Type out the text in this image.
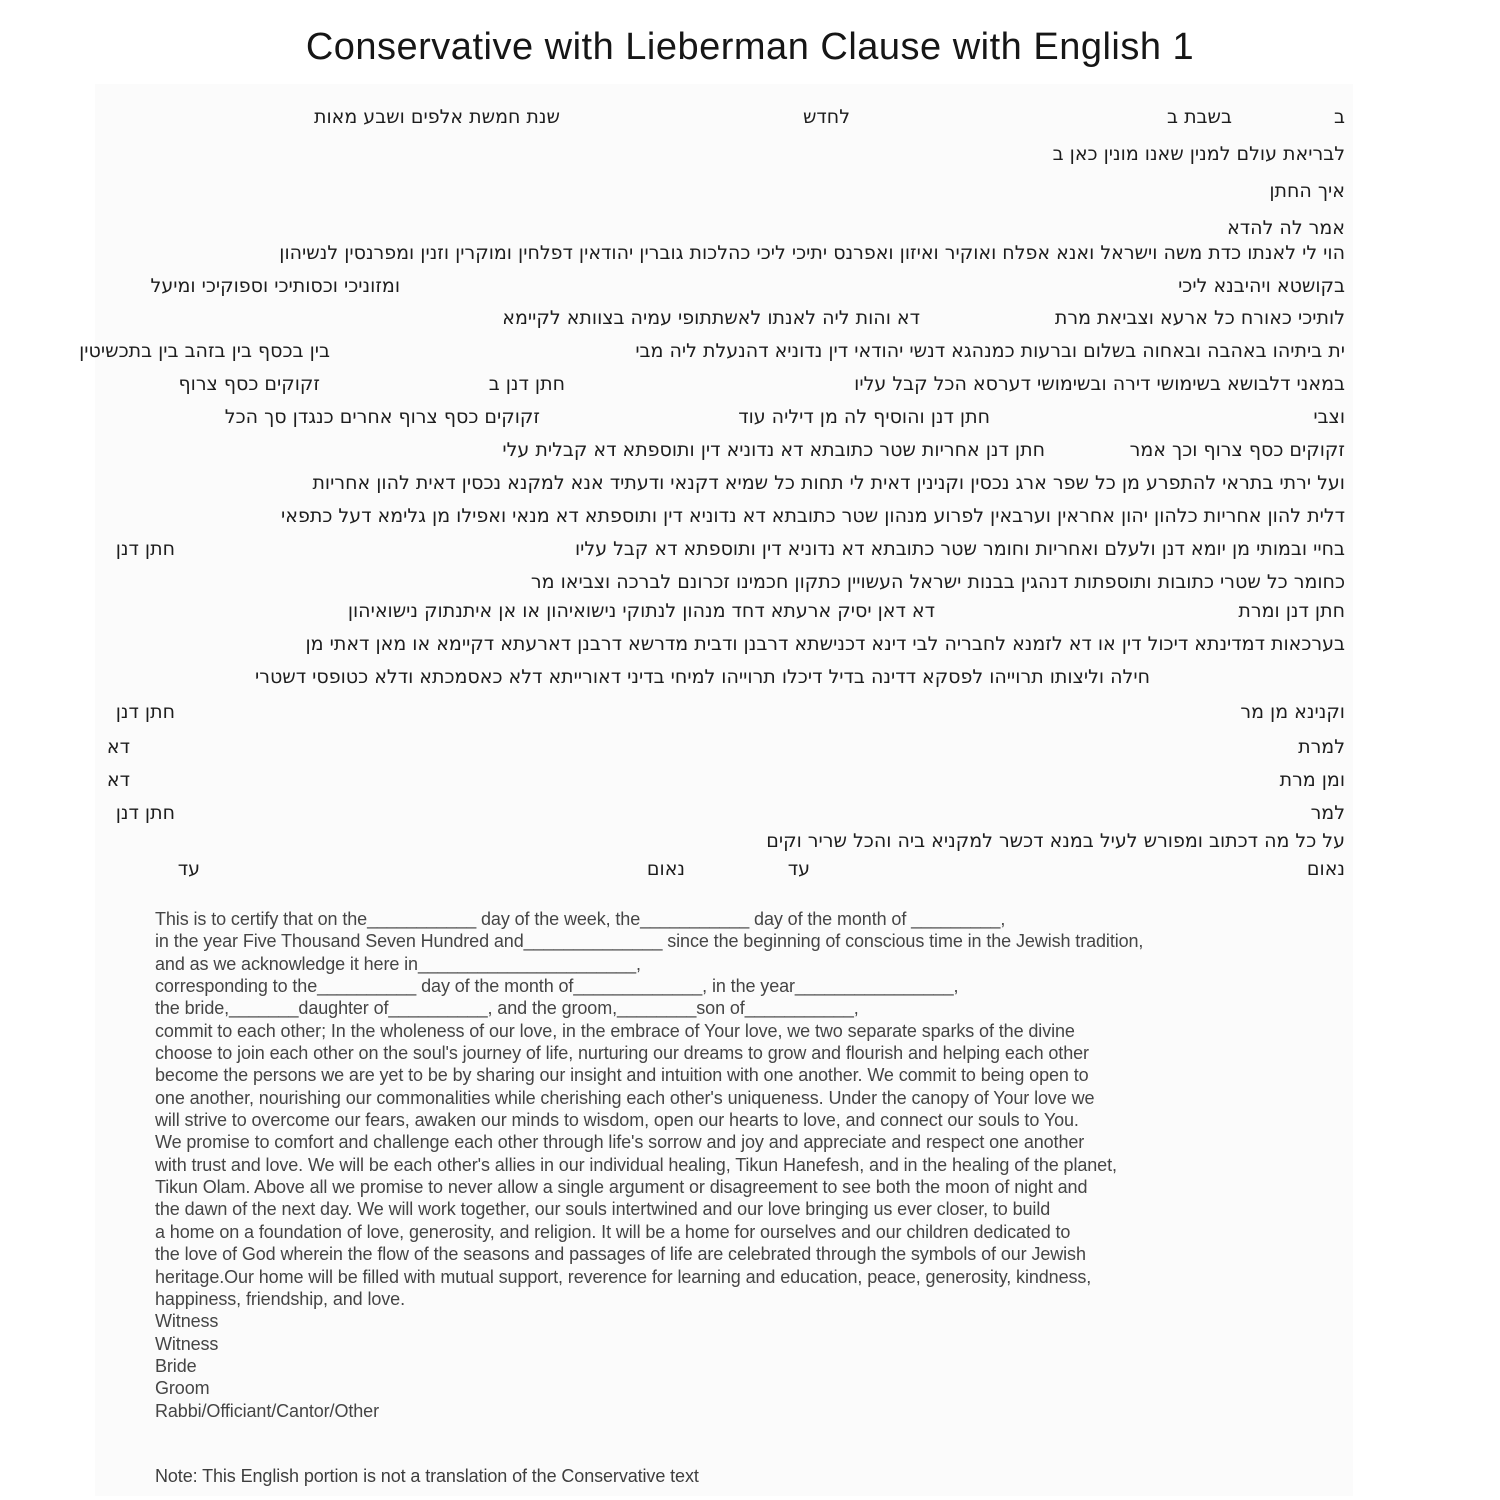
Conservative with Lieberman Clause with English 1
ב
בשבת ב
לחדש
שנת חמשת אלפים ושבע מאות
לבריאת עולם למנין שאנו מונין כאן ב
איך החתן
אמר לה להדא
הוי לי לאנתו כדת משה וישראל ואנא אפלח ואוקיר ואיזון ואפרנס יתיכי ליכי כהלכות גוברין יהודאין דפלחין ומוקרין וזנין ומפרנסין לנשיהון
בקושטא ויהיבנא ליכי
ומזוניכי וכסותיכי וספוקיכי ומיעל
לותיכי כאורח כל ארעא וצביאת מרת
דא והות ליה לאנתו לאשתתופי עמיה בצוותא לקיימא
ית ביתיהו באהבה ובאחוה בשלום וברעות כמנהגא דנשי יהודאי דין נדוניא דהנעלת ליה מבי
בין בכסף בין בזהב בין בתכשיטין
במאני דלבושא בשימושי דירה ובשימושי דערסא הכל קבל עליו
חתן דנן ב
זקוקים כסף צרוף
וצבי
חתן דנן והוסיף לה מן דיליה עוד
זקוקים כסף צרוף אחרים כנגדן סך הכל
זקוקים כסף צרוף וכך אמר
חתן דנן אחריות שטר כתובתא דא נדוניא דין ותוספתא דא קבלית עלי
ועל ירתי בתראי להתפרע מן כל שפר ארג נכסין וקנינין דאית לי תחות כל שמיא דקנאי ודעתיד אנא למקנא נכסין דאית להון אחריות
דלית להון אחריות כלהון יהון אחראין וערבאין לפרוע מנהון שטר כתובתא דא נדוניא דין ותוספתא דא מנאי ואפילו מן גלימא דעל כתפאי
בחיי ובמותי מן יומא דנן ולעלם ואחריות וחומר שטר כתובתא דא נדוניא דין ותוספתא דא קבל עליו
חתן דנן
כחומר כל שטרי כתובות ותוספתות דנהגין בבנות ישראל העשויין כתקון חכמינו זכרונם לברכה וצביאו מר
חתן דנן ומרת
דא דאן יסיק ארעתא דחד מנהון לנתוקי נישואיהון או אן איתנתוק נישואיהון
בערכאות דמדינתא דיכול דין או דא לזמנא לחבריה לבי דינא דכנישתא דרבנן ודבית מדרשא דרבנן דארעתא דקיימא או מאן דאתי מן
חילה וליצותו תרוייהו לפסקא דדינה בדיל דיכלו תרוייהו למיחי בדיני דאורייתא דלא כאסמכתא ודלא כטופסי דשטרי
וקנינא מן מר
חתן דנן
למרת
דא
ומן מרת
דא
למר
חתן דנן
על כל מה דכתוב ומפורש לעיל במנא דכשר למקניא ביה והכל שריר וקים
נאום
עד
נאום
עד
This is to certify that on the___________ day of the week, the___________ day of the month of _________,
in the year Five Thousand Seven Hundred and______________ since the beginning of conscious time in the Jewish tradition,
and as we acknowledge it here in______________________,
corresponding to the__________ day of the month of_____________, in the year________________,
the bride,_______daughter of__________, and the groom,________son of___________,
commit to each other; In the wholeness of our love, in the embrace of Your love, we two separate sparks of the divine
choose to join each other on the soul's journey of life, nurturing our dreams to grow and flourish and helping each other
become the persons we are yet to be by sharing our insight and intuition with one another. We commit to being open to
one another, nourishing our commonalities while cherishing each other's uniqueness. Under the canopy of Your love we
will strive to overcome our fears, awaken our minds to wisdom, open our hearts to love, and connect our souls to You.
We promise to comfort and challenge each other through life's sorrow and joy and appreciate and respect one another
with trust and love. We will be each other's allies in our individual healing, Tikun Hanefesh, and in the healing of the planet,
Tikun Olam. Above all we promise to never allow a single argument or disagreement to see both the moon of night and
the dawn of the next day. We will work together, our souls intertwined and our love bringing us ever closer, to build
a home on a foundation of love, generosity, and religion. It will be a home for ourselves and our children dedicated to
the love of God wherein the flow of the seasons and passages of life are celebrated through the symbols of our Jewish
heritage.Our home will be filled with mutual support, reverence for learning and education, peace, generosity, kindness,
happiness, friendship, and love.
Witness
Witness
Bride
Groom
Rabbi/Officiant/Cantor/Other
Note: This English portion is not a translation of the Conservative text
